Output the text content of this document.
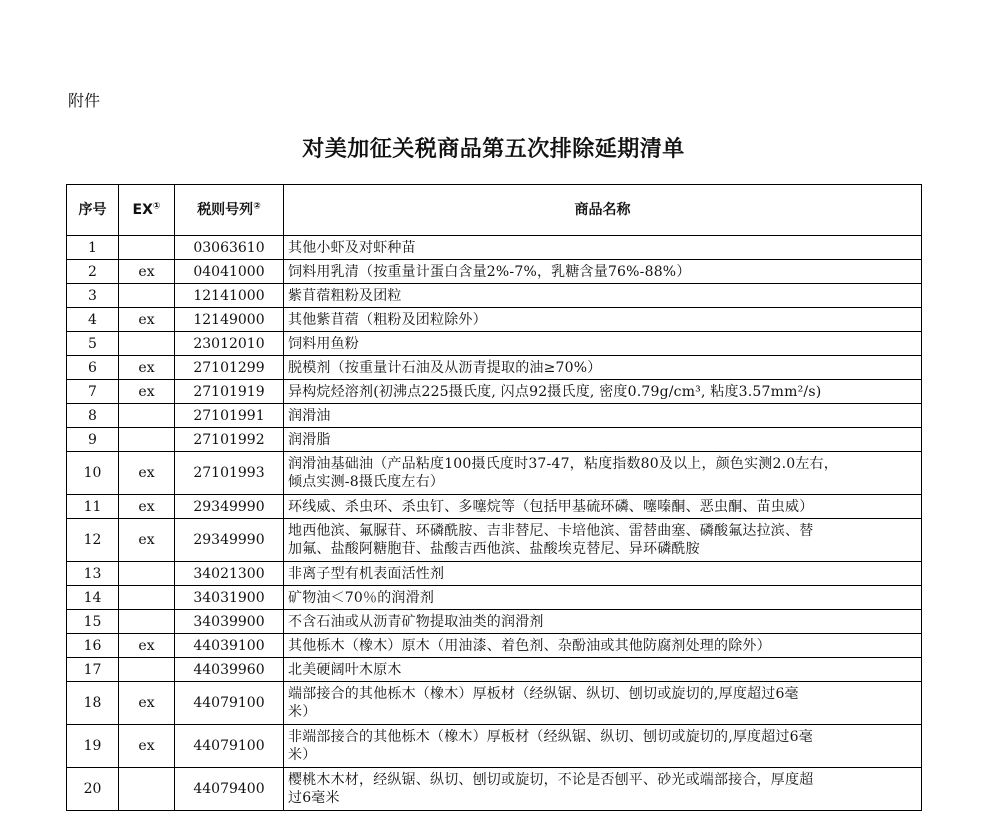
附件
对美加征关税商品第五次排除延期清单
序号	EX①	税则号列②	商品名称
1		03063610	其他小虾及对虾种苗

2	ex	04041000	饲料用乳清（按重量计蛋白含量2%-7%，乳糖含量76%-88%）

3		12141000	紫苜蓿粗粉及团粒

4	ex	12149000	其他紫苜蓿（粗粉及团粒除外）

5		23012010	饲料用鱼粉

6	ex	27101299	脱模剂（按重量计石油及从沥青提取的油≥70%）

7	ex	27101919	异构烷烃溶剂(初沸点225摄氏度, 闪点92摄氏度, 密度0.79g/cm³, 粘度3.57mm²/s)

8		27101991	润滑油

9		27101992	润滑脂

10	ex	27101993	润滑油基础油（产品粘度100摄氏度时37-47，粘度指数80及以上，颜色实测2.0左右，
倾点实测-8摄氏度左右）

11	ex	29349990	环线威、杀虫环、杀虫钉、多噻烷等（包括甲基硫环磷、噻嗪酮、恶虫酮、苗虫威）

12	ex	29349990	地西他滨、氟脲苷、环磷酰胺、吉非替尼、卡培他滨、雷替曲塞、磷酸氟达拉滨、替
加氟、盐酸阿糖胞苷、盐酸吉西他滨、盐酸埃克替尼、异环磷酰胺

13		34021300	非离子型有机表面活性剂

14		34031900	矿物油＜70％的润滑剂

15		34039900	不含石油或从沥青矿物提取油类的润滑剂

16	ex	44039100	其他栎木（橡木）原木（用油漆、着色剂、杂酚油或其他防腐剂处理的除外）

17		44039960	北美硬阔叶木原木

18	ex	44079100	端部接合的其他栎木（橡木）厚板材（经纵锯、纵切、刨切或旋切的,厚度超过6毫
米）

19	ex	44079100	非端部接合的其他栎木（橡木）厚板材（经纵锯、纵切、刨切或旋切的,厚度超过6毫
米）

20		44079400	樱桃木木材，经纵锯、纵切、刨切或旋切，不论是否刨平、砂光或端部接合，厚度超
过6毫米
